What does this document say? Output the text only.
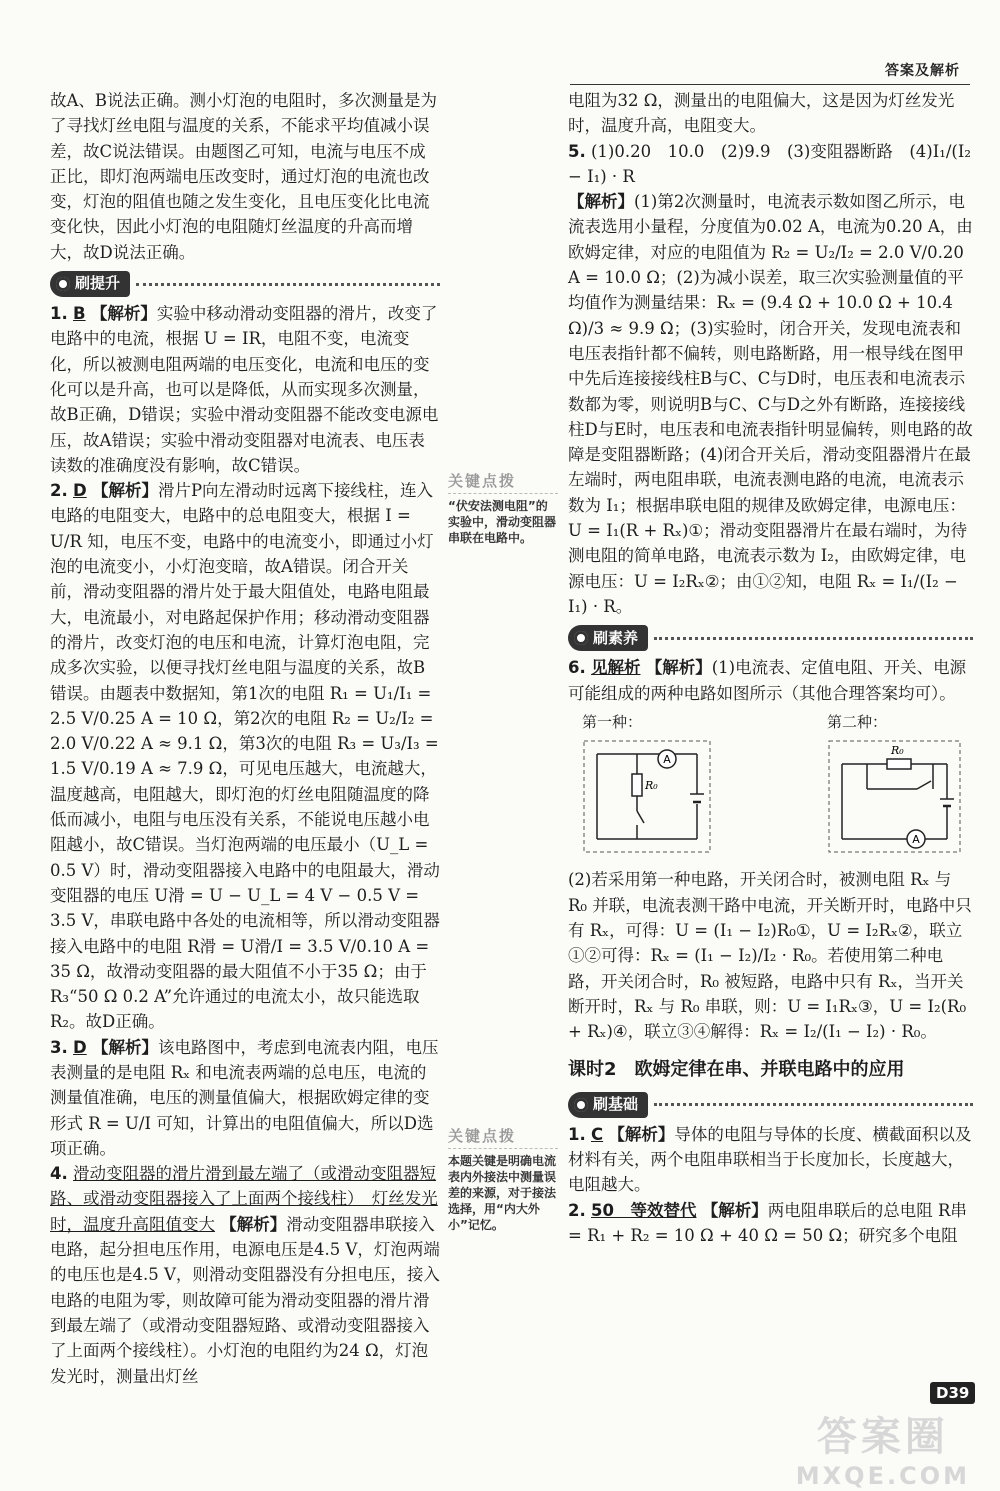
答案及解析

故A、B说法正确。测小灯泡的电阻时，多次测量是为了寻找灯丝电阻与温度的关系，不能求平均值减小误差，故C说法错误。由题图乙可知，电流与电压不成正比，即灯泡两端电压改变时，通过灯泡的电流也改变，灯泡的阻值也随之发生变化，且电压变化比电流变化快，因此小灯泡的电阻随灯丝温度的升高而增大，故D说法正确。

刷提升

1. B 【解析】实验中移动滑动变阻器的滑片，改变了电路中的电流，根据 U = IR，电阻不变，电流变化，所以被测电阻两端的电压变化，电流和电压的变化可以是升高，也可以是降低，从而实现多次测量，故B正确，D错误；实验中滑动变阻器不能改变电源电压，故A错误；实验中滑动变阻器对电流表、电压表读数的准确度没有影响，故C错误。

2. D 【解析】滑片P向左滑动时远离下接线柱，连入电路的电阻变大，电路中的总电阻变大，根据 I = U/R 知，电压不变，电路中的电流变小，即通过小灯泡的电流变小，小灯泡变暗，故A错误。闭合开关前，滑动变阻器的滑片处于最大阻值处，电路电阻最大，电流最小，对电路起保护作用；移动滑动变阻器的滑片，改变灯泡的电压和电流，计算灯泡电阻，完成多次实验，以便寻找灯丝电阻与温度的关系，故B错误。由题表中数据知，第1次的电阻 R₁ = U₁/I₁ = 2.5 V/0.25 A = 10 Ω，第2次的电阻 R₂ = U₂/I₂ = 2.0 V/0.22 A ≈ 9.1 Ω，第3次的电阻 R₃ = U₃/I₃ = 1.5 V/0.19 A ≈ 7.9 Ω，可见电压越大，电流越大，温度越高，电阻越大，即灯泡的灯丝电阻随温度的降低而减小，电阻与电压没有关系，不能说电压越小电阻越小，故C错误。当灯泡两端的电压最小（U_L = 0.5 V）时，滑动变阻器接入电路中的电阻最大，滑动变阻器的电压 U滑 = U − U_L = 4 V − 0.5 V = 3.5 V，串联电路中各处的电流相等，所以滑动变阻器接入电路中的电阻 R滑 = U滑/I = 3.5 V/0.10 A = 35 Ω，故滑动变阻器的最大阻值不小于35 Ω；由于 R₃“50 Ω 0.2 A”允许通过的电流太小，故只能选取 R₂。故D正确。

3. D 【解析】该电路图中，考虑到电流表内阻，电压表测量的是电阻 Rₓ 和电流表两端的总电压，电流的测量值准确，电压的测量值偏大，根据欧姆定律的变形式 R = U/I 可知，计算出的电阻值偏大，所以D选项正确。

4. 滑动变阻器的滑片滑到最左端了（或滑动变阻器短路、或滑动变阻器接入了上面两个接线柱）　灯丝发光时，温度升高阻值变大 【解析】滑动变阻器串联接入电路，起分担电压作用，电源电压是4.5 V，灯泡两端的电压也是4.5 V，则滑动变阻器没有分担电压，接入电路的电阻为零，则故障可能为滑动变阻器的滑片滑到最左端了（或滑动变阻器短路、或滑动变阻器接入了上面两个接线柱）。小灯泡的电阻约为24 Ω，灯泡发光时，测量出灯丝

关键点拨
“伏安法测电阻”的实验中，滑动变阻器串联在电路中。
关键点拨
本题关键是明确电流表内外接法中测量误差的来源，对于接法选择，用“内大外小”记忆。

电阻为32 Ω，测量出的电阻偏大，这是因为灯丝发光时，温度升高，电阻变大。

5. (1)0.20　10.0　(2)9.9　(3)变阻器断路　(4)I₁/(I₂ − I₁) · R
【解析】(1)第2次测量时，电流表示数如图乙所示，电流表选用小量程，分度值为0.02 A，电流为0.20 A，由欧姆定律，对应的电阻值为 R₂ = U₂/I₂ = 2.0 V/0.20 A = 10.0 Ω；(2)为减小误差，取三次实验测量值的平均值作为测量结果：Rₓ = (9.4 Ω + 10.0 Ω + 10.4 Ω)/3 ≈ 9.9 Ω；(3)实验时，闭合开关，发现电流表和电压表指针都不偏转，则电路断路，用一根导线在图甲中先后连接接线柱B与C、C与D时，电压表和电流表示数都为零，则说明B与C、C与D之外有断路，连接接线柱D与E时，电压表和电流表指针明显偏转，则电路的故障是变阻器断路；(4)闭合开关后，滑动变阻器滑片在最左端时，两电阻串联，电流表测电路的电流，电流表示数为 I₁；根据串联电阻的规律及欧姆定律，电源电压：U = I₁(R + Rₓ)①；滑动变阻器滑片在最右端时，为待测电阻的简单电路，电流表示数为 I₂，由欧姆定律，电源电压：U = I₂Rₓ②；由①②知，电阻 Rₓ = I₁/(I₂ − I₁) · R。

刷素养

6. 见解析 【解析】(1)电流表、定值电阻、开关、电源可能组成的两种电路如图所示（其他合理答案均可）。

第一种：
A
R₀
第二种：
A
R₀

(2)若采用第一种电路，开关闭合时，被测电阻 Rₓ 与 R₀ 并联，电流表测干路中电流，开关断开时，电路中只有 Rₓ，可得：U = (I₁ − I₂)R₀①，U = I₂Rₓ②，联立①②可得：Rₓ = (I₁ − I₂)/I₂ · R₀。若使用第二种电路，开关闭合时，R₀ 被短路，电路中只有 Rₓ，当开关断开时，Rₓ 与 R₀ 串联，则：U = I₁Rₓ③，U = I₂(R₀ + Rₓ)④，联立③④解得：Rₓ = I₂/(I₁ − I₂) · R₀。

课时2　欧姆定律在串、并联电路中的应用
刷基础

1. C 【解析】导体的电阻与导体的长度、横截面积以及材料有关，两个电阻串联相当于长度加长，长度越大，电阻越大。

2. 50　等效替代 【解析】两电阻串联后的总电阻 R串 = R₁ + R₂ = 10 Ω + 40 Ω = 50 Ω；研究多个电阻

D39
答案圈
MXQE.COM
